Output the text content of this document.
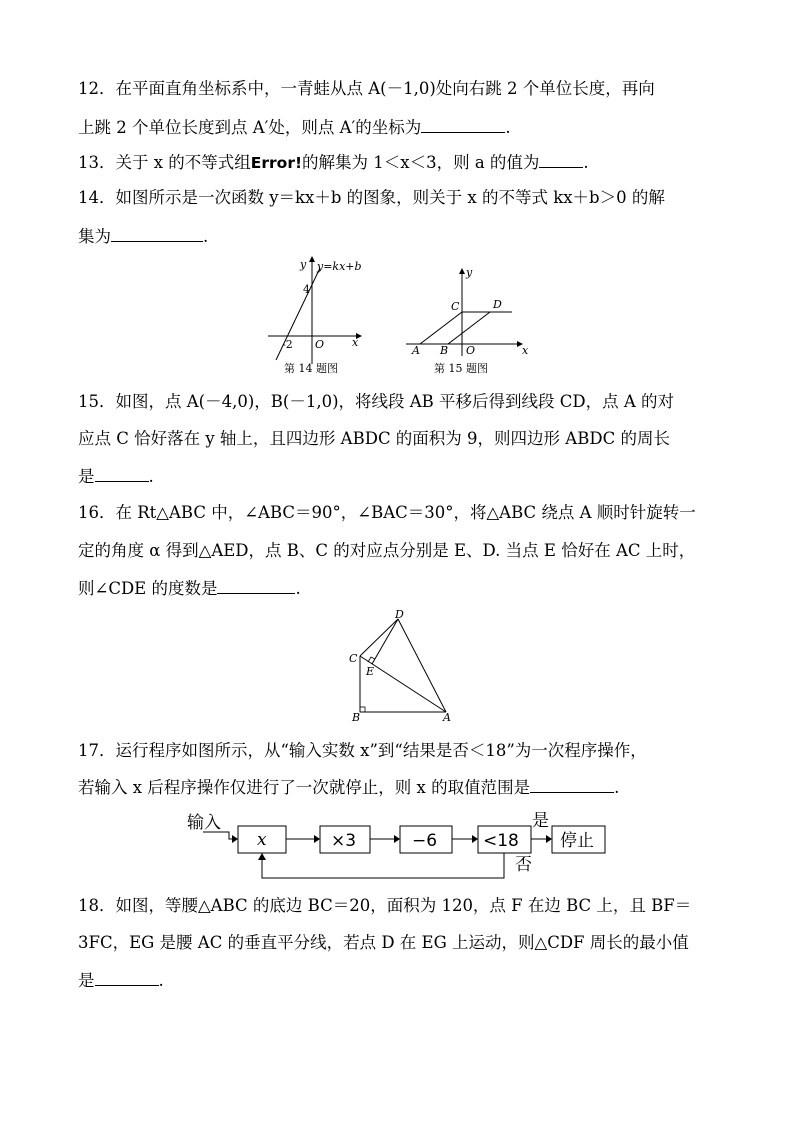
12．在平面直角坐标系中，一青蛙从点 A(－1,0)处向右跳 2 个单位长度，再向
上跳 2 个单位长度到点 A′处，则点 A′的坐标为	.
13．关于 x 的不等式组Error!的解集为 1＜x＜3，则 a 的值为	.
14．如图所示是一次函数 y＝kx＋b 的图象，则关于 x 的不等式 kx＋b＞0 的解
集为	.
y y=kx+b
4
-2 O	x
第 14 题图
A B
C	D
O
y
x
第 15 题图
15．如图，点 A(－4,0)，B(－1,0)，将线段 AB 平移后得到线段 CD，点 A 的对
应点 C 恰好落在 y 轴上，且四边形 ABDC 的面积为 9，则四边形 ABDC 的周长
是	.
16．在 Rt△ABC 中，∠ABC＝90°，∠BAC＝30°，将△ABC 绕点 A 顺时针旋转一
定的角度 α 得到△AED，点 B、C 的对应点分别是 E、D. 当点 E 恰好在 AC 上时，
则∠CDE 的度数是	.
D
C
E
B	A
17．运行程序如图所示，从“输入实数 x”到“结果是否＜18”为一次程序操作，
若输入 x 后程序操作仅进行了一次就停止，则 x 的取值范围是	.
输入
x	×3	−6	<18
是
停止
否
18．如图，等腰△ABC 的底边 BC＝20，面积为 120，点 F 在边 BC 上，且 BF＝
3FC，EG 是腰 AC 的垂直平分线，若点 D 在 EG 上运动，则△CDF 周长的最小值
是	.
